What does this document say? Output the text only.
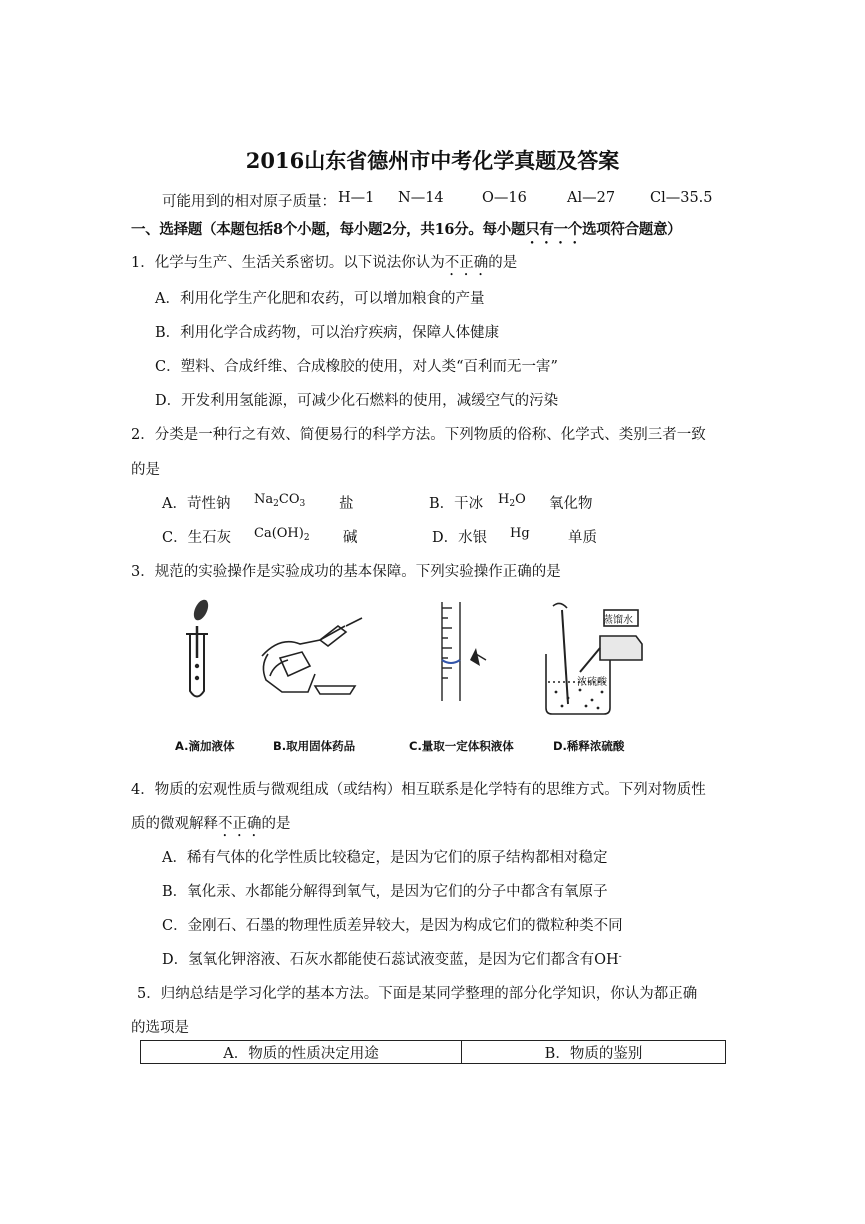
2016山东省德州市中考化学真题及答案
可能用到的相对原子质量： H—1 N—14	O—16	Al—27 Cl—35.5
一、选择题（本题包括8个小题，每小题2分，共16分。每小题只有一个选项符合题意）
1．化学与生产、生活关系密切。以下说法你认为不正确的是
A．利用化学生产化肥和农药，可以增加粮食的产量
B．利用化学合成药物，可以治疗疾病，保障人体健康
C．塑料、合成纤维、合成橡胶的使用，对人类“百利而无一害”
D．开发利用氢能源，可减少化石燃料的使用，减缓空气的污染
2．分类是一种行之有效、简便易行的科学方法。下列物质的俗称、化学式、类别三者一致
的是
A．苛性钠 $Na_2CO_3$ 盐	B．干冰 $H_2O$ 氧化物
C．生石灰 $Ca(OH)_2$ 碱	D．水银 Hg	单质
3．规范的实验操作是实验成功的基本保障。下列实验操作正确的是
蒸馏水
浓硫酸
A.滴加液体	B.取用固体药品	C.量取一定体积液体	D.稀释浓硫酸
4．物质的宏观性质与微观组成（或结构）相互联系是化学特有的思维方式。下列对物质性
质的微观解释不正确的是
A．稀有气体的化学性质比较稳定，是因为它们的原子结构都相对稳定
B．氧化汞、水都能分解得到氧气，是因为它们的分子中都含有氧原子
C．金刚石、石墨的物理性质差异较大，是因为构成它们的微粒种类不同
D．氢氧化钾溶液、石灰水都能使石蕊试液变蓝，是因为它们都含有OH-
5．归纳总结是学习化学的基本方法。下面是某同学整理的部分化学知识，你认为都正确
的选项是
A．物质的性质决定用途	B．物质的鉴别
